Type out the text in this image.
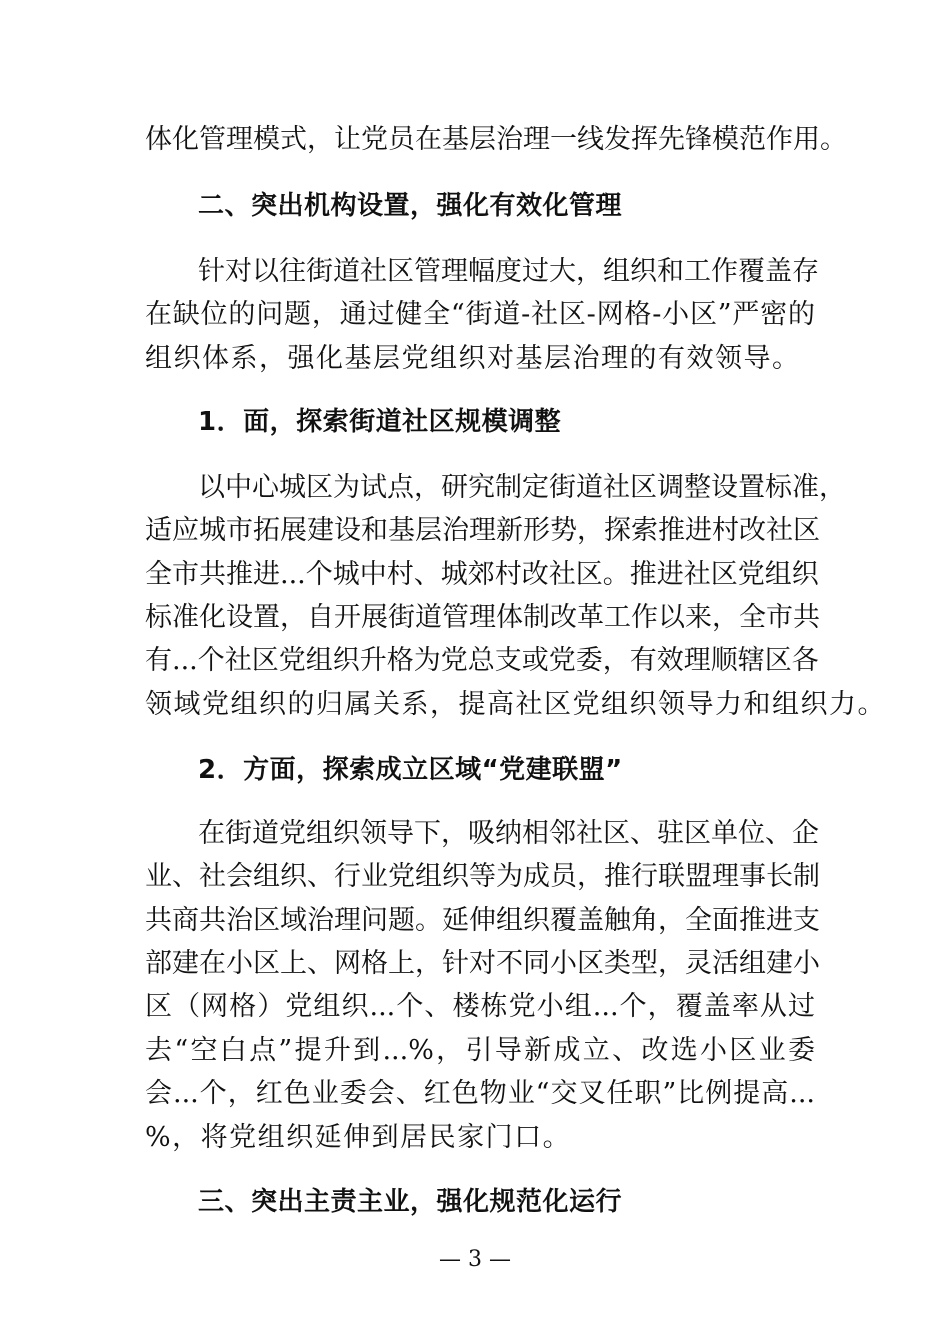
体化管理模式，让党员在基层治理一线发挥先锋模范作用。
二、突出机构设置，强化有效化管理
针对以往街道社区管理幅度过大，组织和工作覆盖存
在缺位的问题，通过健全“街道-社区-网格-小区”严密的
组织体系，强化基层党组织对基层治理的有效领导。
1．面，探索街道社区规模调整
以中心城区为试点，研究制定街道社区调整设置标准，
适应城市拓展建设和基层治理新形势，探索推进村改社区
全市共推进...个城中村、城郊村改社区。推进社区党组织
标准化设置，自开展街道管理体制改革工作以来，全市共
有...个社区党组织升格为党总支或党委，有效理顺辖区各
领域党组织的归属关系，提高社区党组织领导力和组织力。
2．方面，探索成立区域“党建联盟”
在街道党组织领导下，吸纳相邻社区、驻区单位、企
业、社会组织、行业党组织等为成员，推行联盟理事长制
共商共治区域治理问题。延伸组织覆盖触角，全面推进支
部建在小区上、网格上，针对不同小区类型，灵活组建小
区（网格）党组织...个、楼栋党小组...个，覆盖率从过
去“空白点”提升到...%，引导新成立、改选小区业委
会...个，红色业委会、红色物业“交叉任职”比例提高...
%，将党组织延伸到居民家门口。
三、突出主责主业，强化规范化运行
— 3 —
